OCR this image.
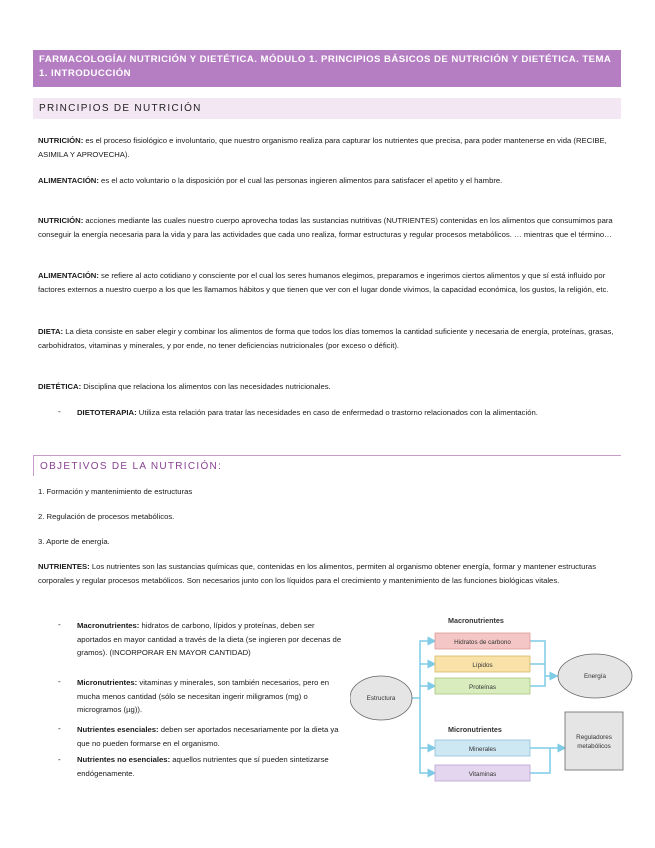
FARMACOLOGÍA/ NUTRICIÓN Y DIETÉTICA. MÓDULO 1. PRINCIPIOS BÁSICOS DE NUTRICIÓN Y DIETÉTICA. TEMA 1. INTRODUCCIÓN
PRINCIPIOS DE NUTRICIÓN
NUTRICIÓN: es el proceso fisiológico e involuntario, que nuestro organismo realiza para capturar los nutrientes que precisa, para poder mantenerse en vida (RECIBE, ASIMILA Y APROVECHA).
ALIMENTACIÓN: es el acto voluntario o la disposición por el cual las personas ingieren alimentos para satisfacer el apetito y el hambre.
NUTRICIÓN: acciones mediante las cuales nuestro cuerpo aprovecha todas las sustancias nutritivas (NUTRIENTES) contenidas en los alimentos que consumimos para conseguir la energía necesaria para la vida y para las actividades que cada uno realiza, formar estructuras y regular procesos metabólicos. … mientras que el término…
ALIMENTACIÓN: se refiere al acto cotidiano y consciente por el cual los seres humanos elegimos, preparamos e ingerimos ciertos alimentos y que sí está influido por factores externos a nuestro cuerpo a los que les llamamos hábitos y que tienen que ver con el lugar donde vivimos, la capacidad económica, los gustos, la religión, etc.
DIETA: La dieta consiste en saber elegir y combinar los alimentos de forma que todos los días tomemos la cantidad suficiente y necesaria de energía, proteínas, grasas, carbohidratos, vitaminas y minerales, y por ende, no tener deficiencias nutricionales (por exceso o déficit).
DIETÉTICA: Disciplina que relaciona los alimentos con las necesidades nutricionales.
- DIETOTERAPIA: Utiliza esta relación para tratar las necesidades en caso de enfermedad o trastorno relacionados con la alimentación.
OBJETIVOS DE LA NUTRICIÓN:
1. Formación y mantenimiento de estructuras
2. Regulación de procesos metabólicos.
3. Aporte de energía.
NUTRIENTES: Los nutrientes son las sustancias químicas que, contenidas en los alimentos, permiten al organismo obtener energía, formar y mantener estructuras corporales y regular procesos metabólicos. Son necesarios junto con los líquidos para el crecimiento y mantenimiento de las funciones biológicas vitales.
- Macronutrientes: hidratos de carbono, lípidos y proteínas, deben ser aportados en mayor cantidad a través de la dieta (se ingieren por decenas de gramos). (INCORPORAR EN MAYOR CANTIDAD)
- Micronutrientes: vitaminas y minerales, son también necesarios, pero en mucha menos cantidad (sólo se necesitan ingerir miligramos (mg) o microgramos (µg)).
- Nutrientes esenciales: deben ser aportados necesariamente por la dieta ya que no pueden formarse en el organismo.
- Nutrientes no esenciales: aquellos nutrientes que sí pueden sintetizarse endógenamente.
Macronutrientes
Hidratos de carbono
Lípidos
Proteínas
Estructura
Energía
Micronutrientes
Minerales
Vitaminas
Reguladores
metabólicos
